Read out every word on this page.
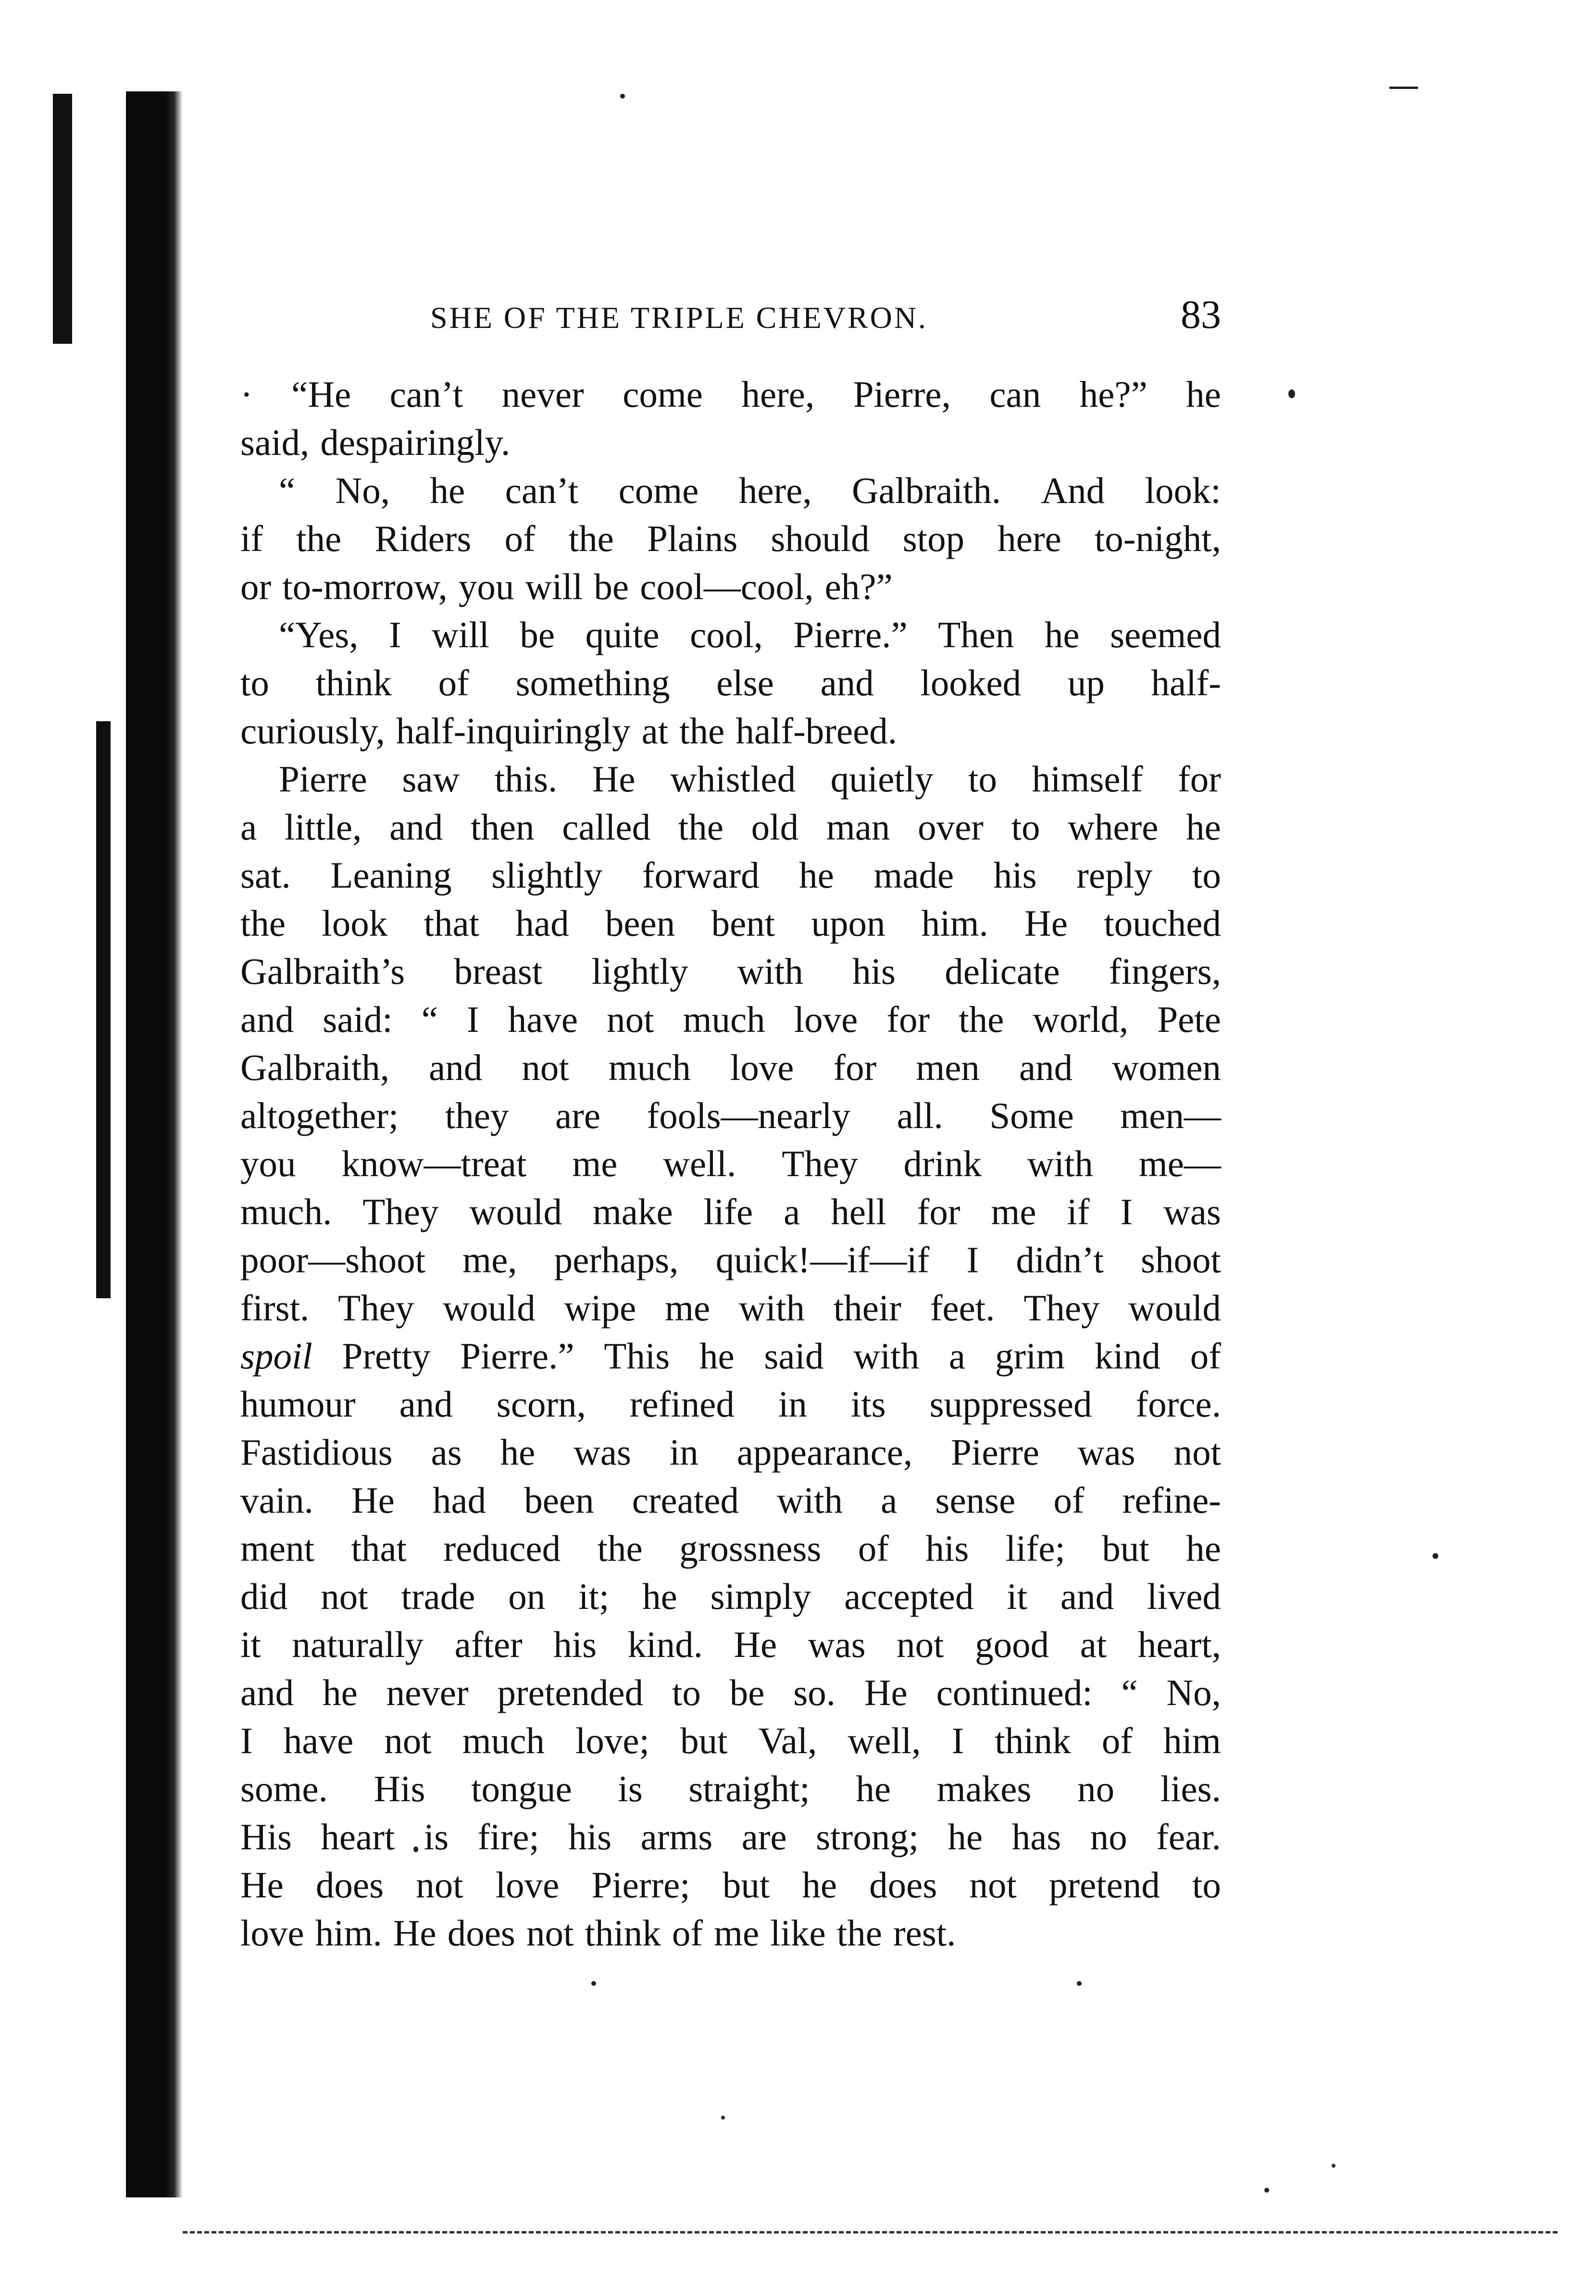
SHE OF THE TRIPLE CHEVRON.	83
· “He can’t never come here, Pierre, can he?” he
said, despairingly.
“ No, he can’t come here, Galbraith. And look:
if the Riders of the Plains should stop here to-night,
or to-morrow, you will be cool—cool, eh?”
“Yes, I will be quite cool, Pierre.” Then he seemed
to think of something else and looked up half-
curiously, half-inquiringly at the half-breed.
Pierre saw this. He whistled quietly to himself for
a little, and then called the old man over to where he
sat. Leaning slightly forward he made his reply to
the look that had been bent upon him. He touched
Galbraith’s breast lightly with his delicate fingers,
and said: “ I have not much love for the world, Pete
Galbraith, and not much love for men and women
altogether; they are fools—nearly all. Some men—
you know—treat me well. They drink with me—
much. They would make life a hell for me if I was
poor—shoot me, perhaps, quick!—if—if I didn’t shoot
first. They would wipe me with their feet. They would
spoil Pretty Pierre.” This he said with a grim kind of
humour and scorn, refined in its suppressed force.
Fastidious as he was in appearance, Pierre was not
vain. He had been created with a sense of refine-
ment that reduced the grossness of his life; but he
did not trade on it; he simply accepted it and lived
it naturally after his kind. He was not good at heart,
and he never pretended to be so. He continued: “ No,
I have not much love; but Val, well, I think of him
some. His tongue is straight; he makes no lies.
His heart is fire; his arms are strong; he has no fear.
He does not love Pierre; but he does not pretend to
love him. He does not think of me like the rest.
